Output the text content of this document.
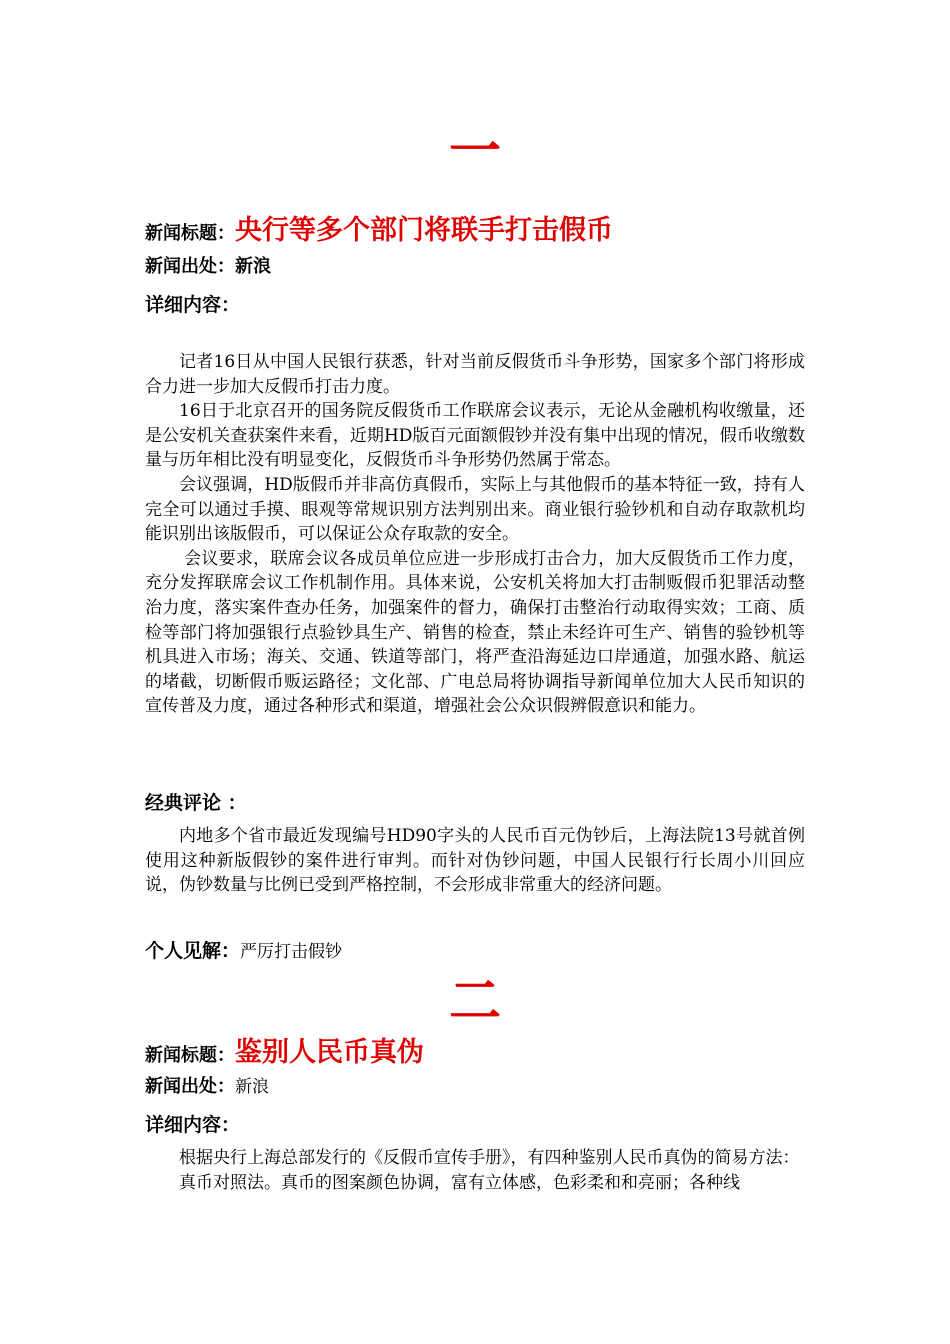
一
新闻标题：央行等多个部门将联手打击假币
新闻出处：新浪
详细内容：

记者16日从中国人民银行获悉，针对当前反假货币斗争形势，国家多个部门将形成合力进一步加大反假币打击力度。

16日于北京召开的国务院反假货币工作联席会议表示，无论从金融机构收缴量，还是公安机关查获案件来看，近期HD版百元面额假钞并没有集中出现的情况，假币收缴数量与历年相比没有明显变化，反假货币斗争形势仍然属于常态。

会议强调，HD版假币并非高仿真假币，实际上与其他假币的基本特征一致，持有人完全可以通过手摸、眼观等常规识别方法判别出来。商业银行验钞机和自动存取款机均能识别出该版假币，可以保证公众存取款的安全。

会议要求，联席会议各成员单位应进一步形成打击合力，加大反假货币工作力度，充分发挥联席会议工作机制作用。具体来说，公安机关将加大打击制贩假币犯罪活动整治力度，落实案件查办任务，加强案件的督力，确保打击整治行动取得实效；工商、质检等部门将加强银行点验钞具生产、销售的检查，禁止未经许可生产、销售的验钞机等机具进入市场；海关、交通、铁道等部门，将严查沿海延边口岸通道，加强水路、航运的堵截，切断假币贩运路径；文化部、广电总局将协调指导新闻单位加大人民币知识的宣传普及力度，通过各种形式和渠道，增强社会公众识假辨假意识和能力。

经典评论 ：

内地多个省市最近发现编号HD90字头的人民币百元伪钞后，上海法院13号就首例使用这种新版假钞的案件进行审判。而针对伪钞问题，中国人民银行行长周小川回应说，伪钞数量与比例已受到严格控制，不会形成非常重大的经济问题。

个人见解：严厉打击假钞
二
新闻标题：鉴别人民币真伪
新闻出处：新浪
详细内容：

根据央行上海总部发行的《反假币宣传手册》，有四种鉴别人民币真伪的简易方法：

真币对照法。真币的图案颜色协调，富有立体感，色彩柔和和亮丽；各种线
